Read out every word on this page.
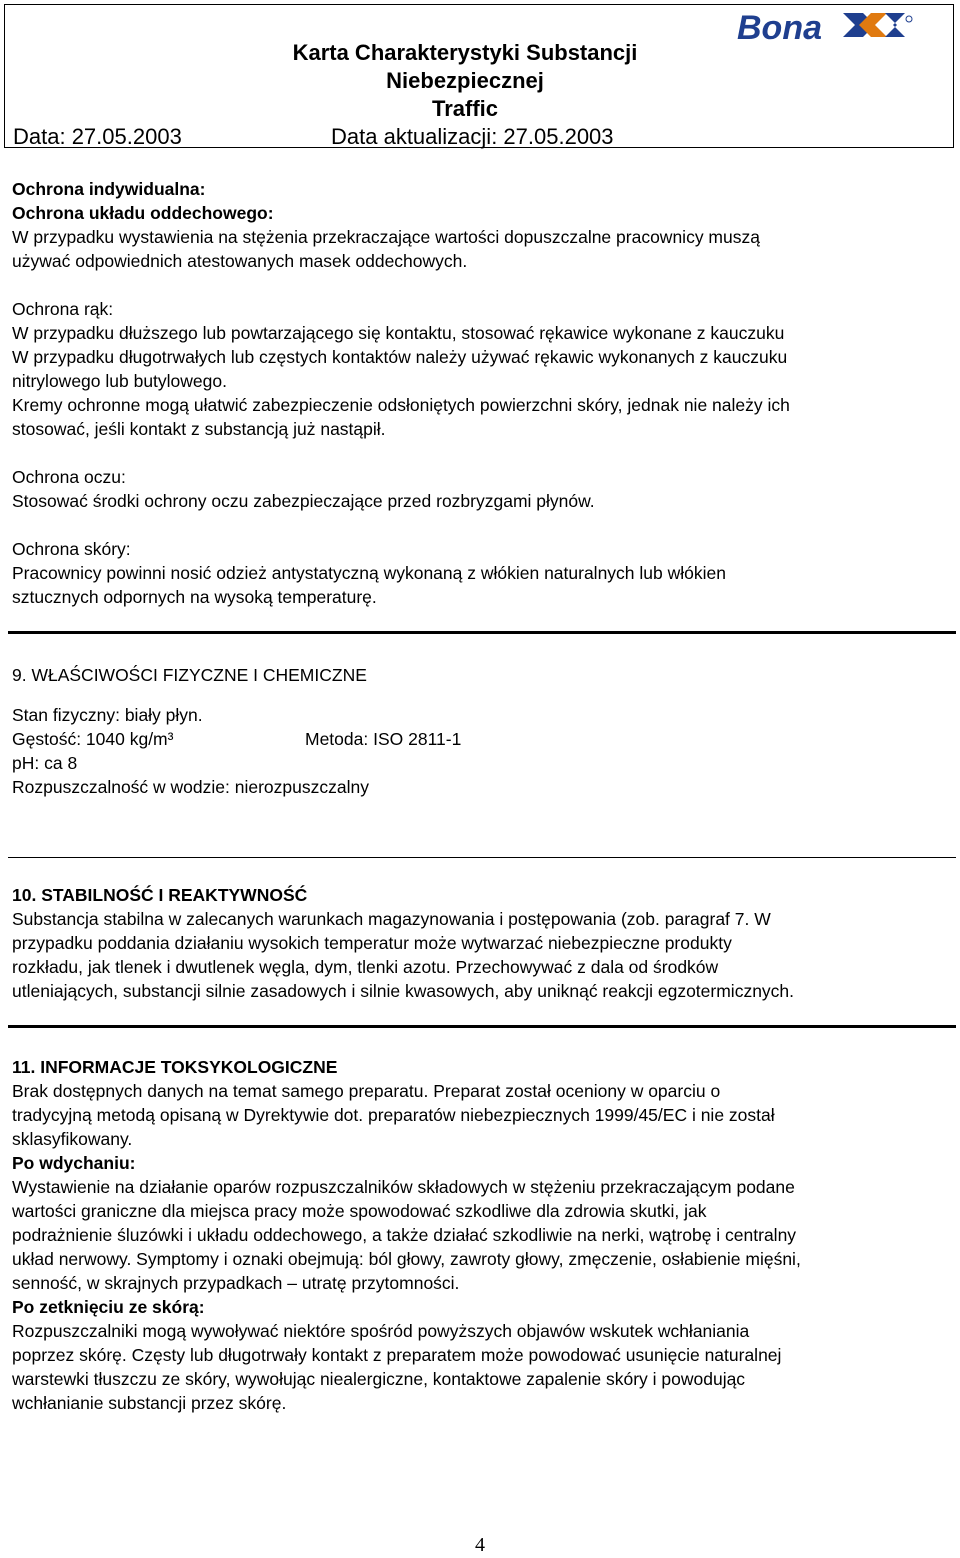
Karta Charakterystyki Substancji
Niebezpiecznej
Traffic
Data: 27.05.2003	Data aktualizacji: 27.05.2003
Bona
Ochrona indywidualna:
Ochrona układu oddechowego:
W przypadku wystawienia na stężenia przekraczające wartości dopuszczalne pracownicy muszą
używać odpowiednich atestowanych masek oddechowych.
Ochrona rąk:
W przypadku dłuższego lub powtarzającego się kontaktu, stosować rękawice wykonane z kauczuku
W przypadku długotrwałych lub częstych kontaktów należy używać rękawic wykonanych z kauczuku
nitrylowego lub butylowego.
Kremy ochronne mogą ułatwić zabezpieczenie odsłoniętych powierzchni skóry, jednak nie należy ich
stosować, jeśli kontakt z substancją już nastąpił.
Ochrona oczu:
Stosować środki ochrony oczu zabezpieczające przed rozbryzgami płynów.
Ochrona skóry:
Pracownicy powinni nosić odzież antystatyczną wykonaną z włókien naturalnych lub włókien
sztucznych odpornych na wysoką temperaturę.
9. WŁAŚCIWOŚCI FIZYCZNE I CHEMICZNE
Stan fizyczny: biały płyn.
Gęstość: 1040 kg/m³	Metoda: ISO 2811-1
pH: ca 8
Rozpuszczalność w wodzie: nierozpuszczalny
10. STABILNOŚĆ I REAKTYWNOŚĆ
Substancja stabilna w zalecanych warunkach magazynowania i postępowania (zob. paragraf 7. W
przypadku poddania działaniu wysokich temperatur może wytwarzać niebezpieczne produkty
rozkładu, jak tlenek i dwutlenek węgla, dym, tlenki azotu. Przechowywać z dala od środków
utleniających, substancji silnie zasadowych i silnie kwasowych, aby uniknąć reakcji egzotermicznych.
11. INFORMACJE TOKSYKOLOGICZNE
Brak dostępnych danych na temat samego preparatu. Preparat został oceniony w oparciu o
tradycyjną metodą opisaną w Dyrektywie dot. preparatów niebezpiecznych 1999/45/EC i nie został
sklasyfikowany.
Po wdychaniu:
Wystawienie na działanie oparów rozpuszczalników składowych w stężeniu przekraczającym podane
wartości graniczne dla miejsca pracy może spowodować szkodliwe dla zdrowia skutki, jak
podrażnienie śluzówki i układu oddechowego, a także działać szkodliwie na nerki, wątrobę i centralny
układ nerwowy. Symptomy i oznaki obejmują: ból głowy, zawroty głowy, zmęczenie, osłabienie mięśni,
senność, w skrajnych przypadkach – utratę przytomności.
Po zetknięciu ze skórą:
Rozpuszczalniki mogą wywoływać niektóre spośród powyższych objawów wskutek wchłaniania
poprzez skórę. Częsty lub długotrwały kontakt z preparatem może powodować usunięcie naturalnej
warstewki tłuszczu ze skóry, wywołując niealergiczne, kontaktowe zapalenie skóry i powodując
wchłanianie substancji przez skórę.
4
